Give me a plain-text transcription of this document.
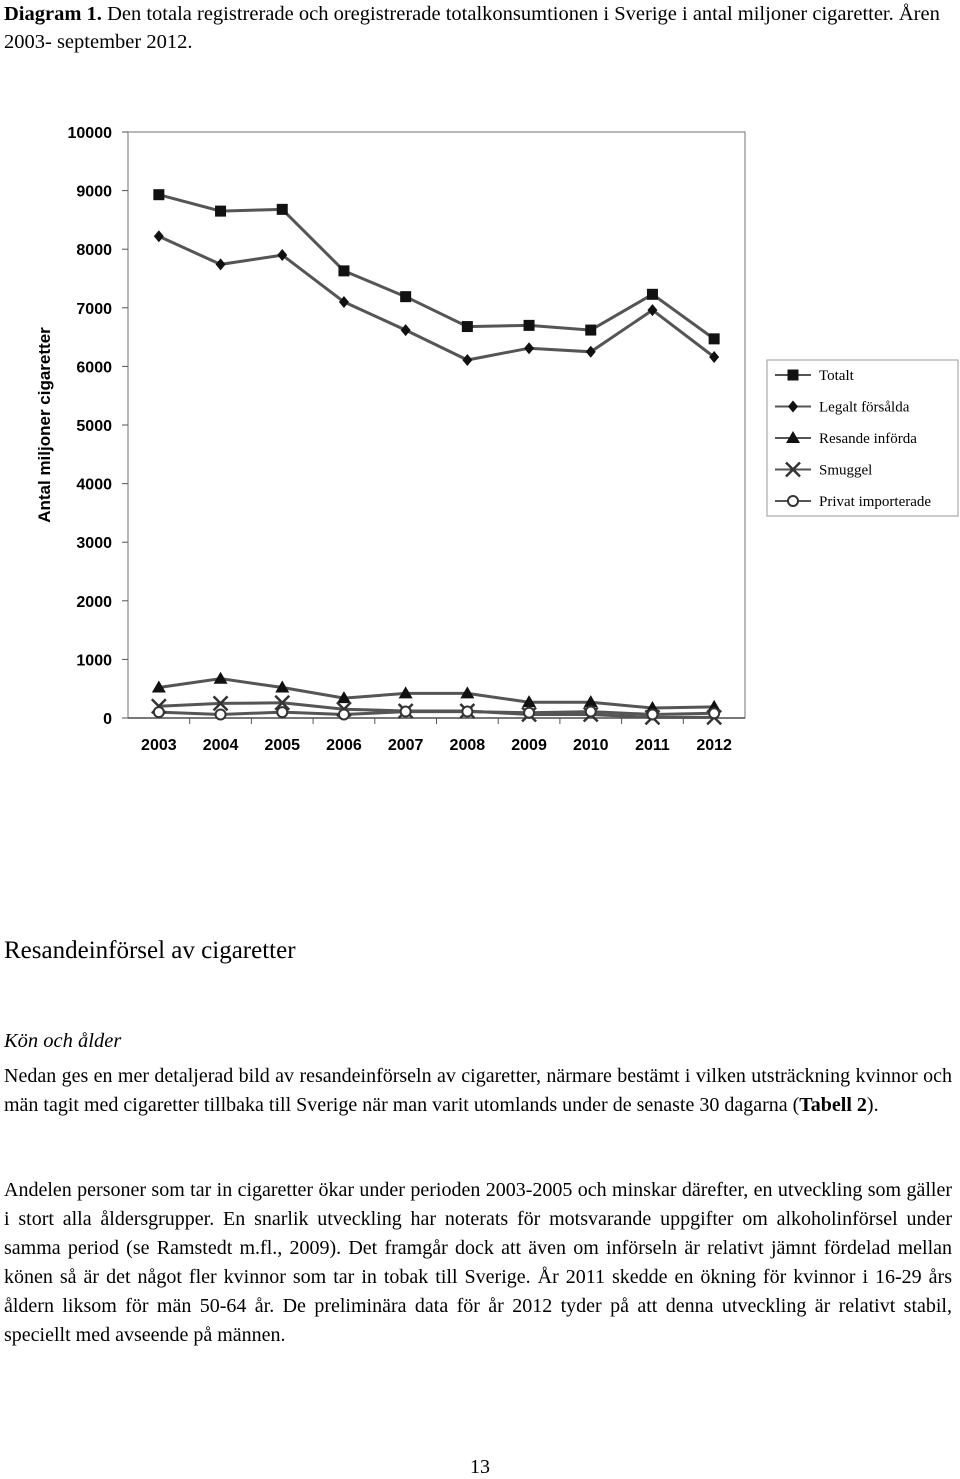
Diagram 1. Den totala registrerade och oregistrerade totalkonsumtionen i Sverige i antal miljoner cigaretter. Åren 2003- september 2012.

0
1000
2000
3000
4000
5000
6000
7000
8000
9000
10000
2003 2004 2005 2006 2007 2008 2009 2010 2011 2012
Antal miljoner cigaretter	Totalt
Legalt försålda
Resande införda
Smuggel
Privat importerade
Resandeinförsel av cigaretter
Kön och ålder

Nedan ges en mer detaljerad bild av resandeinförseln av cigaretter, närmare bestämt i vilken utsträckning kvinnor och män tagit med cigaretter tillbaka till Sverige när man varit utomlands under de senaste 30 dagarna (Tabell 2).

Andelen personer som tar in cigaretter ökar under perioden 2003-2005 och minskar därefter, en utveckling som gäller i stort alla åldersgrupper. En snarlik utveckling har noterats för motsvarande uppgifter om alkoholinförsel under samma period (se Ramstedt m.fl., 2009). Det framgår dock att även om införseln är relativt jämnt fördelad mellan könen så är det något fler kvinnor som tar in tobak till Sverige. År 2011 skedde en ökning för kvinnor i 16-29 års åldern liksom för män 50-64 år. De preliminära data för år 2012 tyder på att denna utveckling är relativt stabil, speciellt med avseende på männen.

13
